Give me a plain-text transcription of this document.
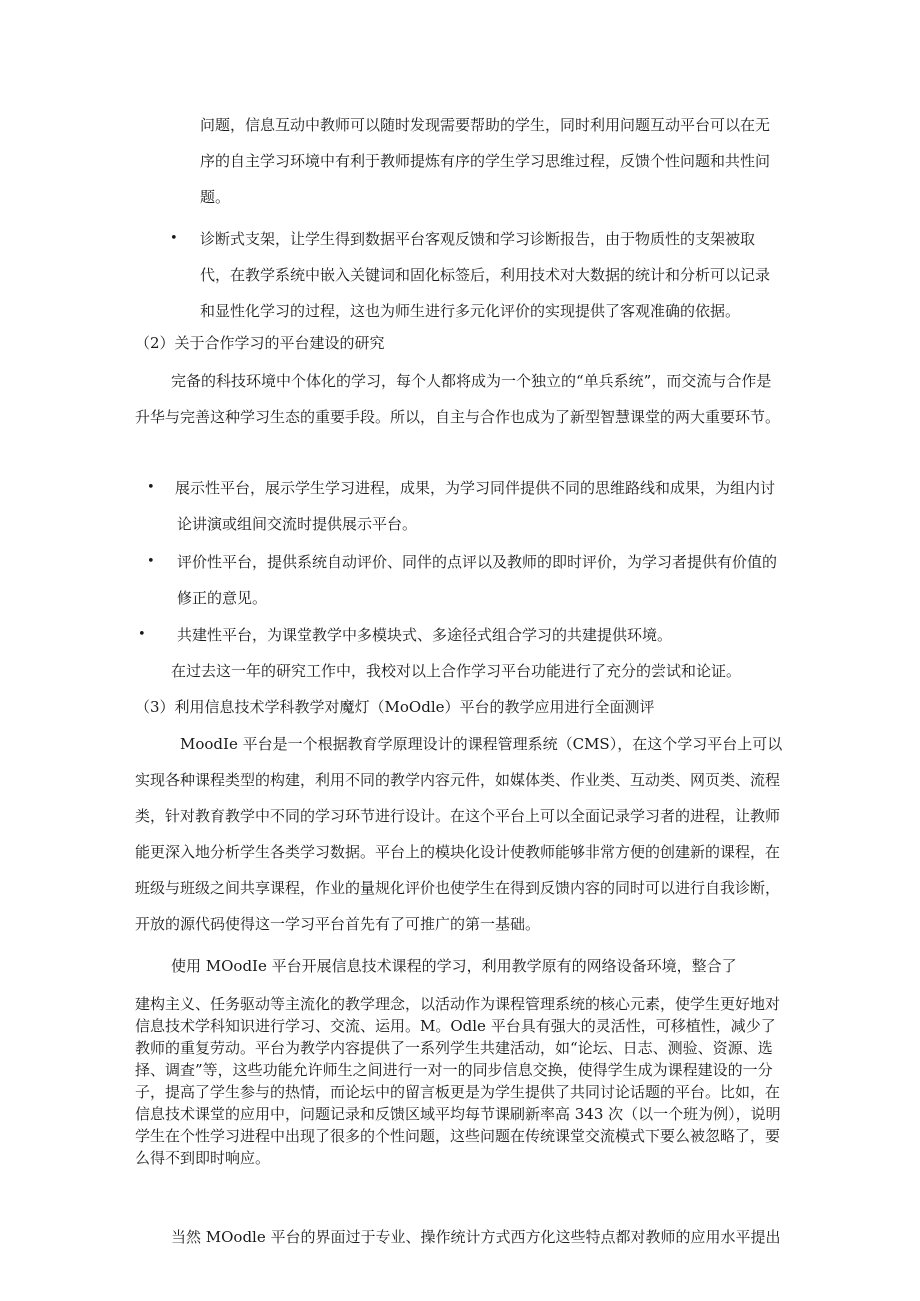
问题，信息互动中教师可以随时发现需要帮助的学生，同时利用问题互动平台可以在无序的自主学习环境中有利于教师提炼有序的学生学习思维过程，反馈个性问题和共性问题。

• 诊断式支架，让学生得到数据平台客观反馈和学习诊断报告，由于物质性的支架被取代，在教学系统中嵌入关键词和固化标签后，利用技术对大数据的统计和分析可以记录和显性化学习的过程，这也为师生进行多元化评价的实现提供了客观准确的依据。

（2）关于合作学习的平台建设的研究

完备的科技环境中个体化的学习，每个人都将成为一个独立的“单兵系统”，而交流与合作是升华与完善这种学习生态的重要手段。所以，自主与合作也成为了新型智慧课堂的两大重要环节。

• 展示性平台，展示学生学习进程，成果，为学习同伴提供不同的思维路线和成果，为组内讨论讲演或组间交流时提供展示平台。

• 评价性平台，提供系统自动评价、同伴的点评以及教师的即时评价，为学习者提供有价值的修正的意见。

• 共建性平台，为课堂教学中多模块式、多途径式组合学习的共建提供环境。

在过去这一年的研究工作中，我校对以上合作学习平台功能进行了充分的尝试和论证。

（3）利用信息技术学科教学对魔灯（MoOdle）平台的教学应用进行全面测评

MoodIe 平台是一个根据教育学原理设计的课程管理系统（CMS），在这个学习平台上可以实现各种课程类型的构建，利用不同的教学内容元件，如媒体类、作业类、互动类、网页类、流程类，针对教育教学中不同的学习环节进行设计。在这个平台上可以全面记录学习者的进程，让教师能更深入地分析学生各类学习数据。平台上的模块化设计使教师能够非常方便的创建新的课程，在班级与班级之间共享课程，作业的量规化评价也使学生在得到反馈内容的同时可以进行自我诊断，开放的源代码使得这一学习平台首先有了可推广的第一基础。

使用 MOodIe 平台开展信息技术课程的学习，利用教学原有的网络设备环境，整合了

建构主义、任务驱动等主流化的教学理念，以活动作为课程管理系统的核心元素，使学生更好地对信息技术学科知识进行学习、交流、运用。M。Odle 平台具有强大的灵活性，可移植性，减少了教师的重复劳动。平台为教学内容提供了一系列学生共建活动，如“论坛、日志、测验、资源、选择、调查”等，这些功能允许师生之间进行一对一的同步信息交换，使得学生成为课程建设的一分子，提高了学生参与的热情，而论坛中的留言板更是为学生提供了共同讨论话题的平台。比如，在信息技术课堂的应用中，问题记录和反馈区域平均每节课刷新率高 343 次（以一个班为例），说明学生在个性学习进程中出现了很多的个性问题，这些问题在传统课堂交流模式下要么被忽略了，要么得不到即时响应。

当然 MOodle 平台的界面过于专业、操作统计方式西方化这些特点都对教师的应用水平提出
